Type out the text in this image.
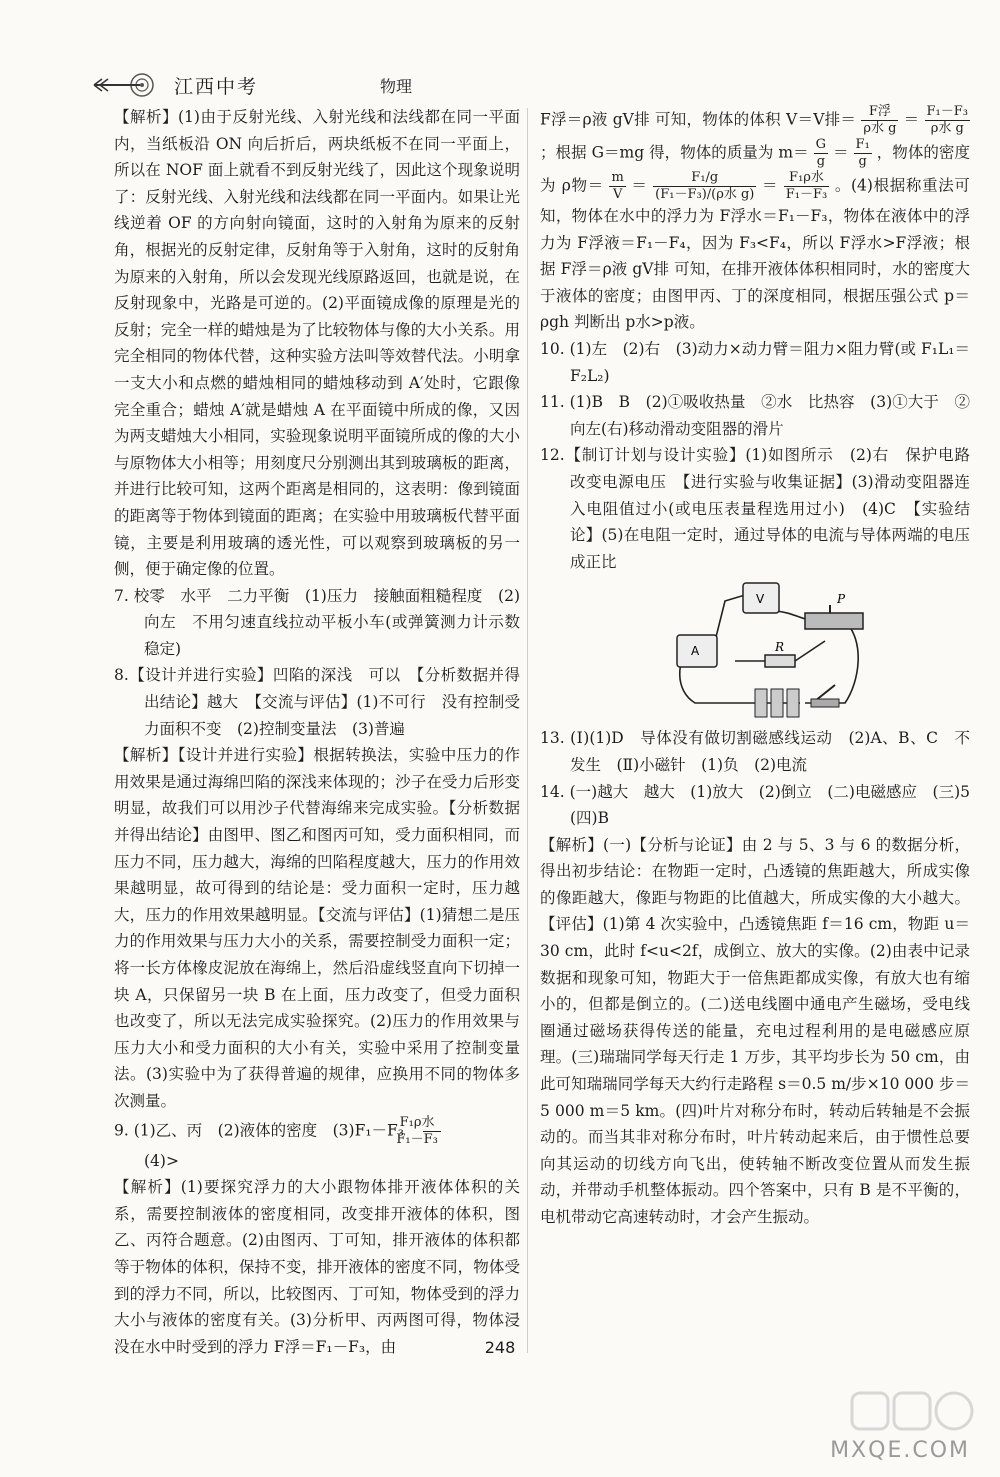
江西中考	物理

【解析】(1)由于反射光线、入射光线和法线都在同一平面内，当纸板沿 ON 向后折后，两块纸板不在同一平面上，所以在 NOF 面上就看不到反射光线了，因此这个现象说明了：反射光线、入射光线和法线都在同一平面内。如果让光线逆着 OF 的方向射向镜面，这时的入射角为原来的反射角，根据光的反射定律，反射角等于入射角，这时的反射角为原来的入射角，所以会发现光线原路返回，也就是说，在反射现象中，光路是可逆的。(2)平面镜成像的原理是光的反射；完全一样的蜡烛是为了比较物体与像的大小关系。用完全相同的物体代替，这种实验方法叫等效替代法。小明拿一支大小和点燃的蜡烛相同的蜡烛移动到 A′处时，它跟像完全重合；蜡烛 A′就是蜡烛 A 在平面镜中所成的像，又因为两支蜡烛大小相同，实验现象说明平面镜所成的像的大小与原物体大小相等；用刻度尺分别测出其到玻璃板的距离，并进行比较可知，这两个距离是相同的，这表明：像到镜面的距离等于物体到镜面的距离；在实验中用玻璃板代替平面镜，主要是利用玻璃的透光性，可以观察到玻璃板的另一侧，便于确定像的位置。

7. 校零　水平　二力平衡　(1)压力　接触面粗糙程度　(2)向左　不用匀速直线拉动平板小车(或弹簧测力计示数稳定)

8.【设计并进行实验】凹陷的深浅　可以　【分析数据并得出结论】越大　【交流与评估】(1)不可行　没有控制受力面积不变　(2)控制变量法　(3)普遍

【解析】【设计并进行实验】根据转换法，实验中压力的作用效果是通过海绵凹陷的深浅来体现的；沙子在受力后形变明显，故我们可以用沙子代替海绵来完成实验。【分析数据并得出结论】由图甲、图乙和图丙可知，受力面积相同，而压力不同，压力越大，海绵的凹陷程度越大，压力的作用效果越明显，故可得到的结论是：受力面积一定时，压力越大，压力的作用效果越明显。【交流与评估】(1)猜想二是压力的作用效果与压力大小的关系，需要控制受力面积一定；将一长方体橡皮泥放在海绵上，然后沿虚线竖直向下切掉一块 A，只保留另一块 B 在上面，压力改变了，但受力面积也改变了，所以无法完成实验探究。(2)压力的作用效果与压力大小和受力面积的大小有关，实验中采用了控制变量法。(3)实验中为了获得普遍的规律，应换用不同的物体多次测量。

9. (1)乙、丙　(2)液体的密度　$(3)F_1-F_3 \frac{\text{F₁ρ水}}{\text{F₁－F₃}}$

(4)>

【解析】(1)要探究浮力的大小跟物体排开液体体积的关系，需要控制液体的密度相同，改变排开液体的体积，图乙、丙符合题意。(2)由图丙、丁可知，排开液体的体积都等于物体的体积，保持不变，排开液体的密度不同，物体受到的浮力不同，所以，比较图丙、丁可知，物体受到的浮力大小与液体的密度有关。(3)分析甲、丙两图可得，物体浸没在水中时受到的浮力 F浮＝F₁－F₃，由

F浮＝ρ液 gV排 可知，物体的体积 V＝V排＝ $\frac{\text{F浮}}{\text{ρ水 g}} = \frac{\text{F₁－F₃}}{\text{ρ水 g}}$
；根据 G＝mg 得，物体的质量为 $m= \frac{G}{g} = \frac{\text{F₁}}{g}$ ，物体的密度为 ρ物＝ $\frac{m}{V} = \frac{\text{F₁/g}}{\text{(F₁－F₃)/(ρ水 g)}} = \frac{\text{F₁ρ水}}{\text{F₁－F₃}}$ 。(4)根据称重法可知，物体在水中的浮力为 F浮水＝F₁－F₃，物体在液体中的浮力为 F浮液＝F₁－F₄，因为 F₃<F₄，所以 F浮水>F浮液；根据 F浮＝ρ液 gV排 可知，在排开液体体积相同时，水的密度大于液体的密度；由图甲丙、丁的深度相同，根据压强公式 p＝ρgh 判断出 p水>p液。

10. (1)左　(2)右　(3)动力×动力臂＝阻力×阻力臂(或 F₁L₁＝F₂L₂)

11. (1)B　B　(2)①吸收热量　②水　比热容　(3)①大于　②向左(右)移动滑动变阻器的滑片

12.【制订计划与设计实验】(1)如图所示　(2)右　保护电路　改变电源电压　【进行实验与收集证据】(3)滑动变阻器连入电阻值过小(或电压表量程选用过小)　(4)C　【实验结论】(5)在电阻一定时，通过导体的电流与导体两端的电压成正比

A
V
R
P

13. (Ⅰ)(1)D　导体没有做切割磁感线运动　(2)A、B、C　不发生　(Ⅱ)小磁针　(1)负　(2)电流

14. (一)越大　越大　(1)放大　(2)倒立　(二)电磁感应　(三)5　(四)B

【解析】(一)【分析与论证】由 2 与 5、3 与 6 的数据分析，得出初步结论：在物距一定时，凸透镜的焦距越大，所成实像的像距越大，像距与物距的比值越大，所成实像的大小越大。【评估】(1)第 4 次实验中，凸透镜焦距 f＝16 cm，物距 u＝30 cm，此时 f<u<2f，成倒立、放大的实像。(2)由表中记录数据和现象可知，物距大于一倍焦距都成实像，有放大也有缩小的，但都是倒立的。(二)送电线圈中通电产生磁场，受电线圈通过磁场获得传送的能量，充电过程利用的是电磁感应原理。(三)瑞瑞同学每天行走 1 万步，其平均步长为 50 cm，由此可知瑞瑞同学每天大约行走路程 s＝0.5 m/步×10 000 步＝5 000 m＝5 km。(四)叶片对称分布时，转动后转轴是不会振动的。而当其非对称分布时，叶片转动起来后，由于惯性总要向其运动的切线方向飞出，使转轴不断改变位置从而发生振动，并带动手机整体振动。四个答案中，只有 B 是不平衡的，电机带动它高速转动时，才会产生振动。

248
MXQE.COM
